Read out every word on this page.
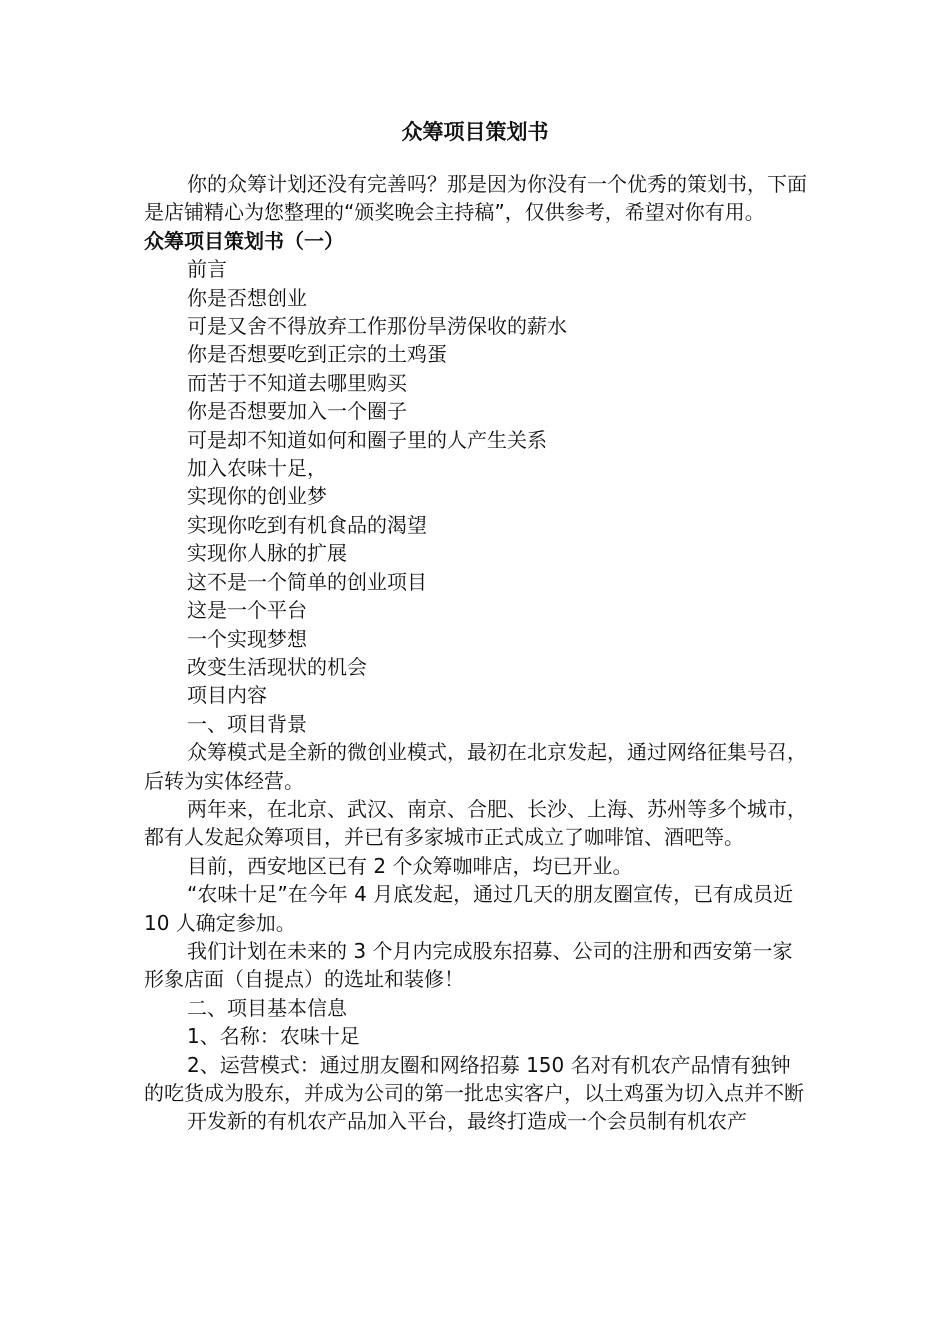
众筹项目策划书

你的众筹计划还没有完善吗？那是因为你没有一个优秀的策划书，下面是店铺精心为您整理的“颁奖晚会主持稿”，仅供参考，希望对你有用。

众筹项目策划书（一）

前言

你是否想创业

可是又舍不得放弃工作那份旱涝保收的薪水

你是否想要吃到正宗的土鸡蛋

而苦于不知道去哪里购买

你是否想要加入一个圈子

可是却不知道如何和圈子里的人产生关系

加入农味十足，

实现你的创业梦

实现你吃到有机食品的渴望

实现你人脉的扩展

这不是一个简单的创业项目

这是一个平台

一个实现梦想

改变生活现状的机会

项目内容

一、项目背景

众筹模式是全新的微创业模式，最初在北京发起，通过网络征集号召，后转为实体经营。

两年来，在北京、武汉、南京、合肥、长沙、上海、苏州等多个城市，都有人发起众筹项目，并已有多家城市正式成立了咖啡馆、酒吧等。

目前，西安地区已有 2 个众筹咖啡店，均已开业。

“农味十足”在今年 4 月底发起，通过几天的朋友圈宣传，已有成员近 10 人确定参加。

我们计划在未来的 3 个月内完成股东招募、公司的注册和西安第一家形象店面（自提点）的选址和装修！

二、项目基本信息

1、名称：农味十足

2、运营模式：通过朋友圈和网络招募 150 名对有机农产品情有独钟的吃货成为股东，并成为公司的第一批忠实客户，以土鸡蛋为切入点并不断

开发新的有机农产品加入平台，最终打造成一个会员制有机农产
